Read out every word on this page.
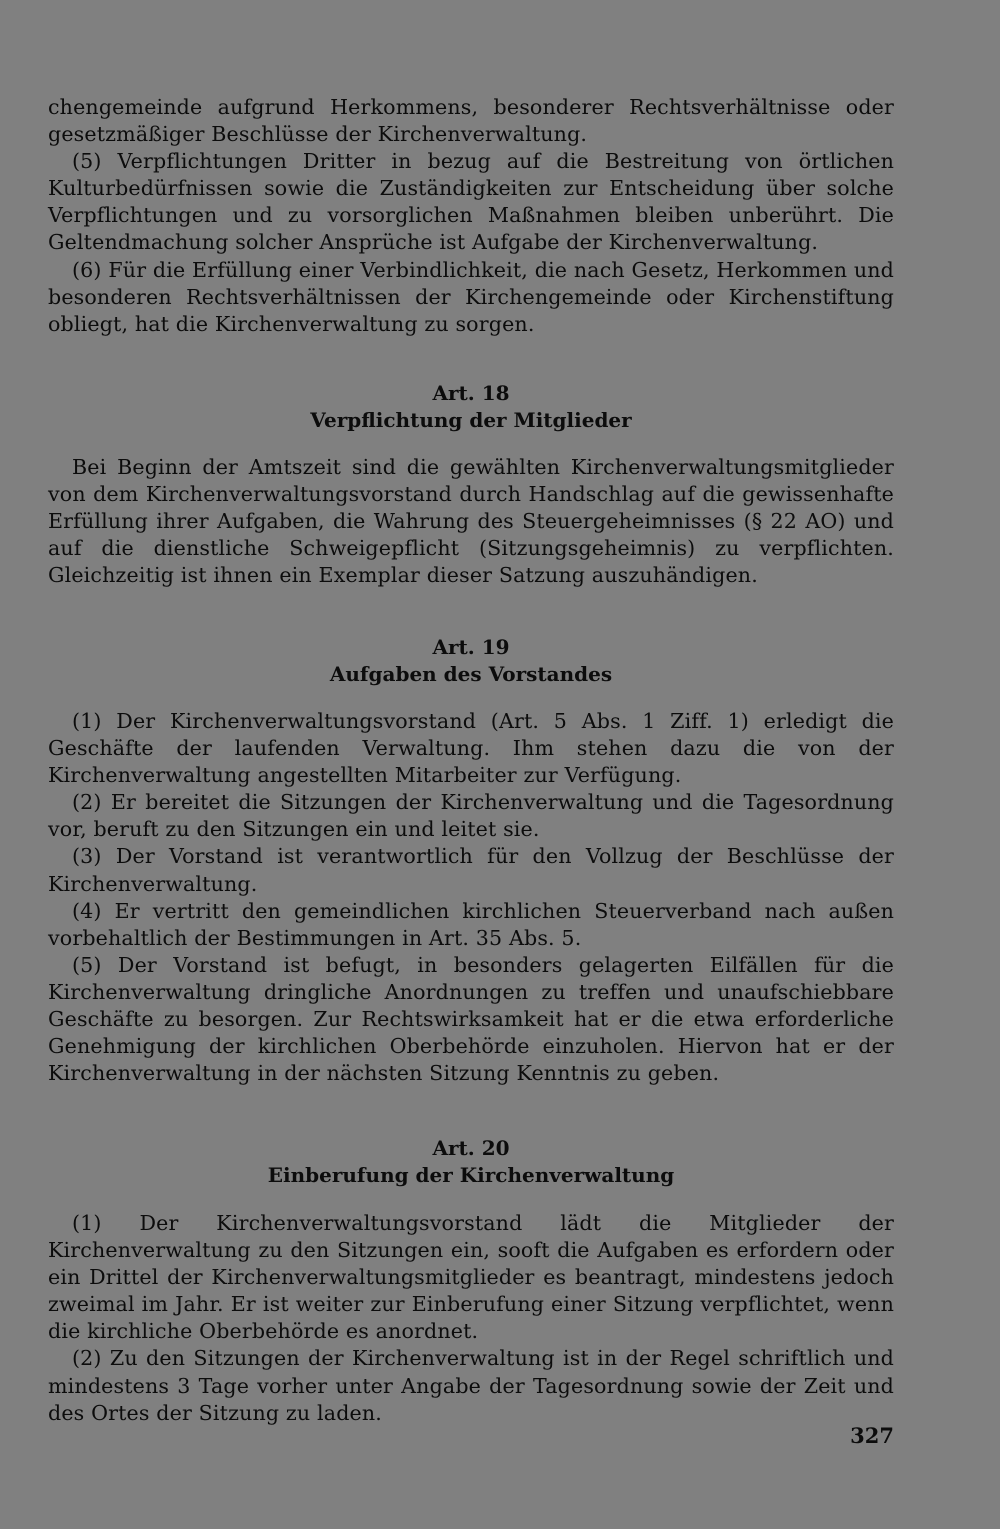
chengemeinde aufgrund Herkommens, besonderer Rechtsverhältnisse oder gesetzmäßiger Beschlüsse der Kirchenverwaltung.

(5) Verpflichtungen Dritter in bezug auf die Bestreitung von örtlichen Kulturbedürfnissen sowie die Zuständigkeiten zur Entscheidung über solche Verpflichtungen und zu vorsorglichen Maßnahmen bleiben unberührt. Die Geltendmachung solcher Ansprüche ist Aufgabe der Kirchenverwaltung.

(6) Für die Erfüllung einer Verbindlichkeit, die nach Gesetz, Herkommen und besonderen Rechtsverhältnissen der Kirchengemeinde oder Kirchenstiftung obliegt, hat die Kirchenverwaltung zu sorgen.

Art. 18
Verpflichtung der Mitglieder

Bei Beginn der Amtszeit sind die gewählten Kirchenverwaltungsmitglieder von dem Kirchenverwaltungsvorstand durch Handschlag auf die gewissenhafte Erfüllung ihrer Aufgaben, die Wahrung des Steuergeheimnisses (§ 22 AO) und auf die dienstliche Schweigepflicht (Sitzungsgeheimnis) zu verpflichten. Gleichzeitig ist ihnen ein Exemplar dieser Satzung auszuhändigen.

Art. 19
Aufgaben des Vorstandes

(1) Der Kirchenverwaltungsvorstand (Art. 5 Abs. 1 Ziff. 1) erledigt die Geschäfte der laufenden Verwaltung. Ihm stehen dazu die von der Kirchenverwaltung angestellten Mitarbeiter zur Verfügung.

(2) Er bereitet die Sitzungen der Kirchenverwaltung und die Tagesordnung vor, beruft zu den Sitzungen ein und leitet sie.

(3) Der Vorstand ist verantwortlich für den Vollzug der Beschlüsse der Kirchenverwaltung.

(4) Er vertritt den gemeindlichen kirchlichen Steuerverband nach außen vorbehaltlich der Bestimmungen in Art. 35 Abs. 5.

(5) Der Vorstand ist befugt, in besonders gelagerten Eilfällen für die Kirchenverwaltung dringliche Anordnungen zu treffen und unaufschiebbare Geschäfte zu besorgen. Zur Rechtswirksamkeit hat er die etwa erforderliche Genehmigung der kirchlichen Oberbehörde einzuholen. Hiervon hat er der Kirchenverwaltung in der nächsten Sitzung Kenntnis zu geben.

Art. 20
Einberufung der Kirchenverwaltung

(1) Der Kirchenverwaltungsvorstand lädt die Mitglieder der Kirchenverwaltung zu den Sitzungen ein, sooft die Aufgaben es erfordern oder ein Drittel der Kirchenverwaltungsmitglieder es beantragt, mindestens jedoch zweimal im Jahr. Er ist weiter zur Einberufung einer Sitzung verpflichtet, wenn die kirchliche Oberbehörde es anordnet.

(2) Zu den Sitzungen der Kirchenverwaltung ist in der Regel schriftlich und mindestens 3 Tage vorher unter Angabe der Tagesordnung sowie der Zeit und des Ortes der Sitzung zu laden.

327
